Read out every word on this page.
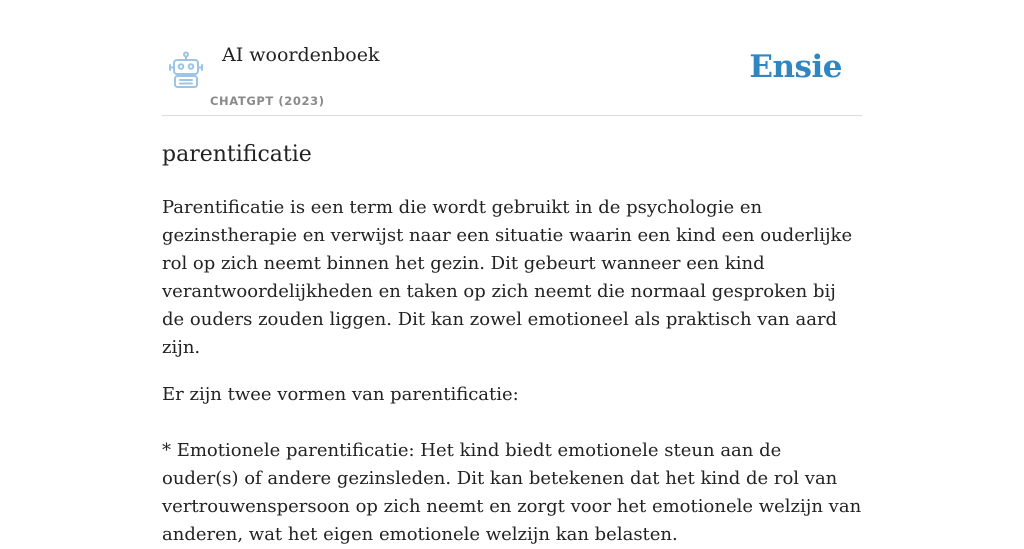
AI woordenboek
CHATGPT (2023)
Ensie
parentificatie

Parentificatie is een term die wordt gebruikt in de psychologie en gezinstherapie en verwijst naar een situatie waarin een kind een ouderlijke rol op zich neemt binnen het gezin. Dit gebeurt wanneer een kind verantwoordelijkheden en taken op zich neemt die normaal gesproken bij de ouders zouden liggen. Dit kan zowel emotioneel als praktisch van aard zijn.

Er zijn twee vormen van parentificatie:

* Emotionele parentificatie: Het kind biedt emotionele steun aan de ouder(s) of andere gezinsleden. Dit kan betekenen dat het kind de rol van vertrouwenspersoon op zich neemt en zorgt voor het emotionele welzijn van anderen, wat het eigen emotionele welzijn kan belasten.
